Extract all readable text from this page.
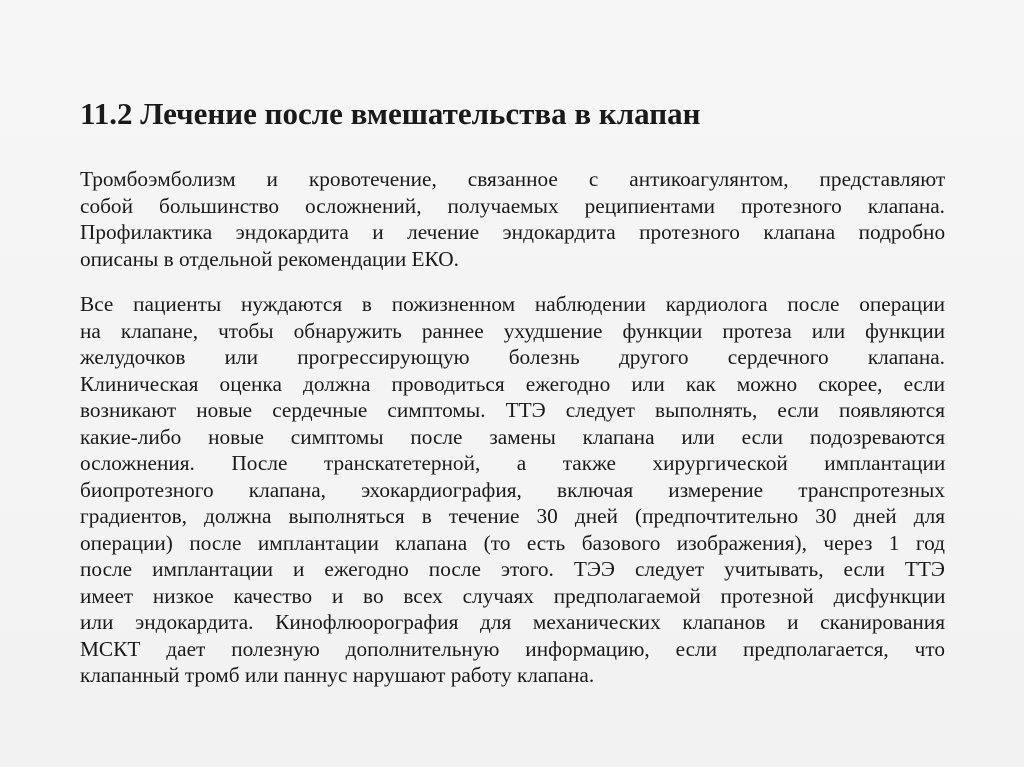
11.2 Лечение после вмешательства в клапан
Тромбоэмболизм и кровотечение, связанное с антикоагулянтом, представляют
собой большинство осложнений, получаемых реципиентами протезного клапана.
Профилактика эндокардита и лечение эндокардита протезного клапана подробно
описаны в отдельной рекомендации ЕКО.
Все пациенты нуждаются в пожизненном наблюдении кардиолога после операции
на клапане, чтобы обнаружить раннее ухудшение функции протеза или функции
желудочков или прогрессирующую болезнь другого сердечного клапана.
Клиническая оценка должна проводиться ежегодно или как можно скорее, если
возникают новые сердечные симптомы. ТТЭ следует выполнять, если появляются
какие-либо новые симптомы после замены клапана или если подозреваются
осложнения. После транскатетерной, а также хирургической имплантации
биопротезного клапана, эхокардиография, включая измерение транспротезных
градиентов, должна выполняться в течение 30 дней (предпочтительно 30 дней для
операции) после имплантации клапана (то есть базового изображения), через 1 год
после имплантации и ежегодно после этого. ТЭЭ следует учитывать, если ТТЭ
имеет низкое качество и во всех случаях предполагаемой протезной дисфункции
или эндокардита. Кинофлюорография для механических клапанов и сканирования
МСКТ дает полезную дополнительную информацию, если предполагается, что
клапанный тромб или паннус нарушают работу клапана.
